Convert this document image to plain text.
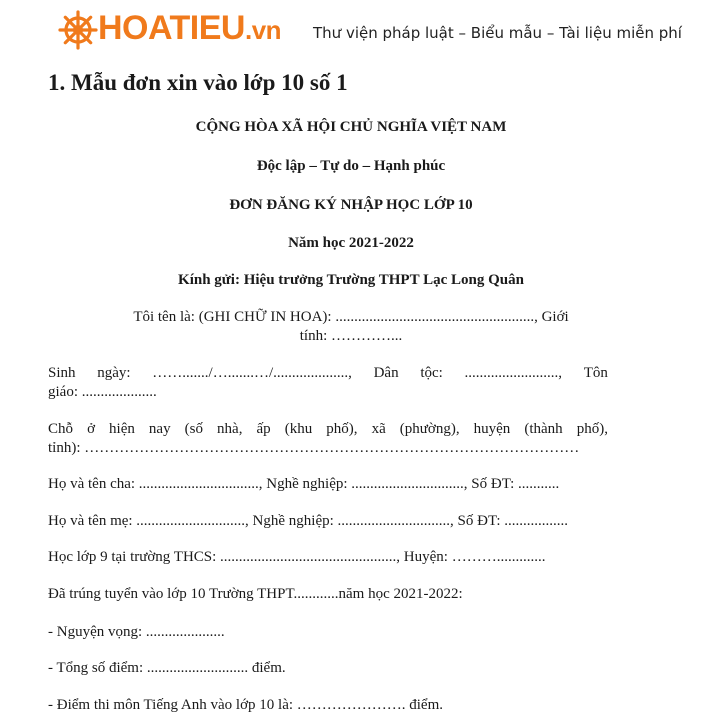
HOATIEU.vn Thư viện pháp luật – Biểu mẫu – Tài liệu miễn phí
1. Mẫu đơn xin vào lớp 10 số 1
CỘNG HÒA XÃ HỘI CHỦ NGHĨA VIỆT NAM
Độc lập – Tự do – Hạnh phúc
ĐƠN ĐĂNG KÝ NHẬP HỌC LỚP 10
Năm học 2021-2022
Kính gửi: Hiệu trưởng Trường THPT Lạc Long Quân
Tôi tên là: (GHI CHỮ IN HOA): ....................................................., Giới
tính: …………...
Sinh ngày: ……......./….......…/...................., Dân tộc: ........................., Tôn
giáo: ....................
Chỗ ở hiện nay (số nhà, ấp (khu phố), xã (phường), huyện (thành phố),
tỉnh): ………………………………………………………………………………………
Họ và tên cha: ................................, Nghề nghiệp: .............................., Số ĐT: ...........
Họ và tên mẹ: ............................., Nghề nghiệp: .............................., Số ĐT: .................
Học lớp 9 tại trường THCS: ..............................................., Huyện: ……….............
Đã trúng tuyển vào lớp 10 Trường THPT............năm học 2021-2022:
- Nguyện vọng: .....................
- Tổng số điểm: ........................... điểm.
- Điểm thi môn Tiếng Anh vào lớp 10 là: …………………. điểm.
